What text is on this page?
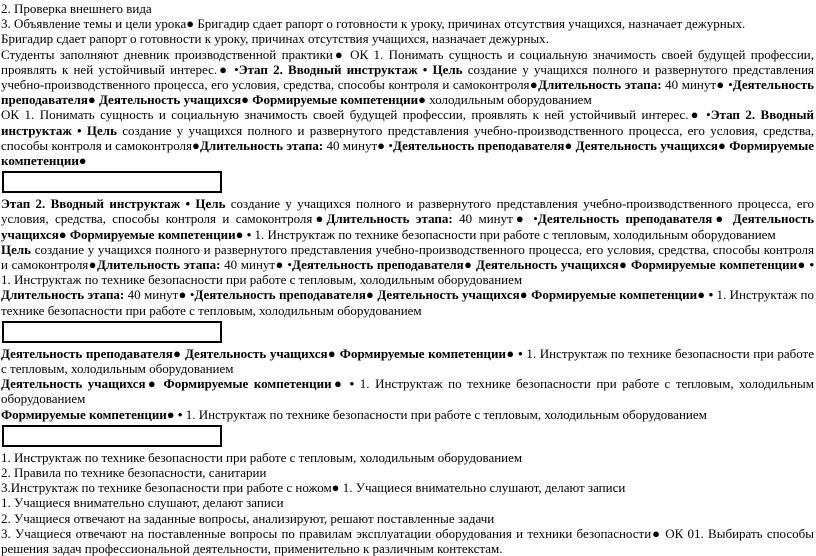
2. Проверка внешнего вида

3. Объявление темы и цели урока● Бригадир сдает рапорт о готовности к уроку, причинах отсутствия учащихся, назначает дежурных.

Бригадир сдает рапорт о готовности к уроку, причинах отсутствия учащихся, назначает дежурных.

Студенты заполняют дневник производственной практики● ОК 1. Понимать сущность и социальную значимость своей будущей профессии, проявлять к ней устойчивый интерес.● •Этап 2. Вводный инструктаж • Цель создание у учащихся полного и развернутого представления учебно-производственного процесса, его условия, средства, способы контроля и самоконтроля●Длительность этапа: 40 минут● •Деятельность преподавателя● Деятельность учащихся● Формируемые компетенции● холодильным оборудованием

ОК 1. Понимать сущность и социальную значимость своей будущей профессии, проявлять к ней устойчивый интерес.● •Этап 2. Вводный инструктаж • Цель создание у учащихся полного и развернутого представления учебно-производственного процесса, его условия, средства, способы контроля и самоконтроля●Длительность этапа: 40 минут● •Деятельность преподавателя● Деятельность учащихся● Формируемые компетенции●

Этап 2. Вводный инструктаж • Цель создание у учащихся полного и развернутого представления учебно-производственного процесса, его условия, средства, способы контроля и самоконтроля●Длительность этапа: 40 минут● •Деятельность преподавателя● Деятельность учащихся● Формируемые компетенции● • 1. Инструктаж по технике безопасности при работе с тепловым, холодильным оборудованием

Цель создание у учащихся полного и развернутого представления учебно-производственного процесса, его условия, средства, способы контроля и самоконтроля●Длительность этапа: 40 минут● •Деятельность преподавателя● Деятельность учащихся● Формируемые компетенции● • 1. Инструктаж по технике безопасности при работе с тепловым, холодильным оборудованием

Длительность этапа: 40 минут● •Деятельность преподавателя● Деятельность учащихся● Формируемые компетенции● • 1. Инструктаж по технике безопасности при работе с тепловым, холодильным оборудованием

Деятельность преподавателя● Деятельность учащихся● Формируемые компетенции● • 1. Инструктаж по технике безопасности при работе с тепловым, холодильным оборудованием

Деятельность учащихся● Формируемые компетенции● • 1. Инструктаж по технике безопасности при работе с тепловым, холодильным оборудованием

Формируемые компетенции● • 1. Инструктаж по технике безопасности при работе с тепловым, холодильным оборудованием

1. Инструктаж по технике безопасности при работе с тепловым, холодильным оборудованием

2. Правила по технике безопасности, санитарии

3.Инструктаж по технике безопасности при работе с ножом● 1. Учащиеся внимательно слушают, делают записи

1. Учащиеся внимательно слушают, делают записи

2. Учащиеся отвечают на заданные вопросы, анализируют, решают поставленные задачи

3. Учащиеся отвечают на поставленные вопросы по правилам эксплуатации оборудования и техники безопасности● ОК 01. Выбирать способы решения задач профессиональной деятельности, применительно к различным контекстам.
